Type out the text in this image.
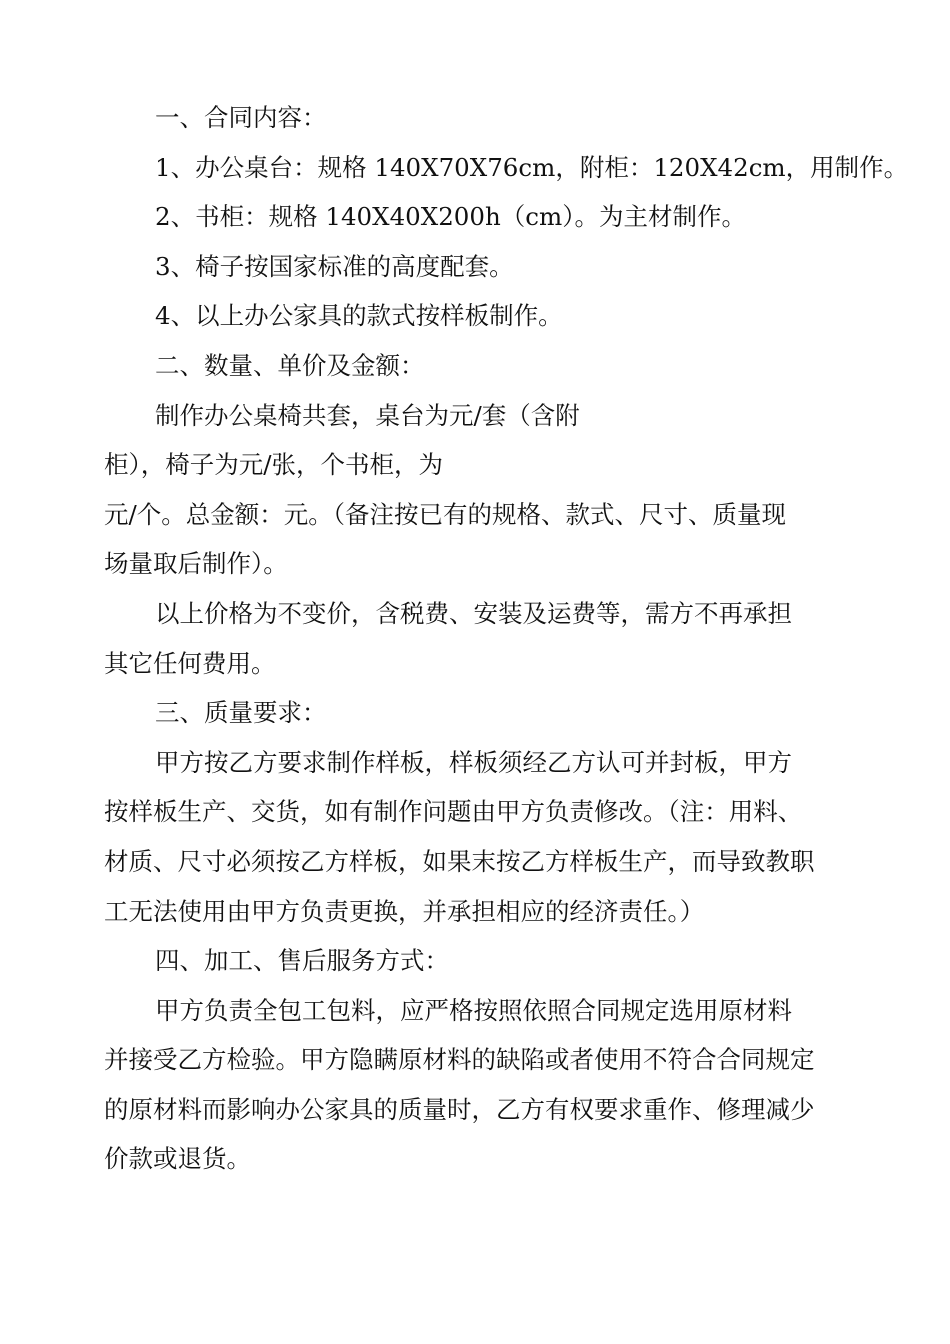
一、合同内容：

1、办公桌台：规格 140X70X76cm，附柜：120X42cm，用制作。

2、书柜：规格 140X40X200h（cm）。为主材制作。

3、椅子按国家标准的高度配套。

4、以上办公家具的款式按样板制作。

二、数量、单价及金额：

制作办公桌椅共套，桌台为元/套（含附

柜），椅子为元/张，个书柜，为

元/个。总金额：元。（备注按已有的规格、款式、尺寸、质量现

场量取后制作）。

以上价格为不变价，含税费、安装及运费等，需方不再承担

其它任何费用。

三、质量要求：

甲方按乙方要求制作样板，样板须经乙方认可并封板，甲方

按样板生产、交货，如有制作问题由甲方负责修改。（注：用料、

材质、尺寸必须按乙方样板，如果末按乙方样板生产，而导致教职

工无法使用由甲方负责更换，并承担相应的经济责任。）

四、加工、售后服务方式：

甲方负责全包工包料，应严格按照依照合同规定选用原材料

并接受乙方检验。甲方隐瞒原材料的缺陷或者使用不符合合同规定

的原材料而影响办公家具的质量时，乙方有权要求重作、修理减少

价款或退货。
